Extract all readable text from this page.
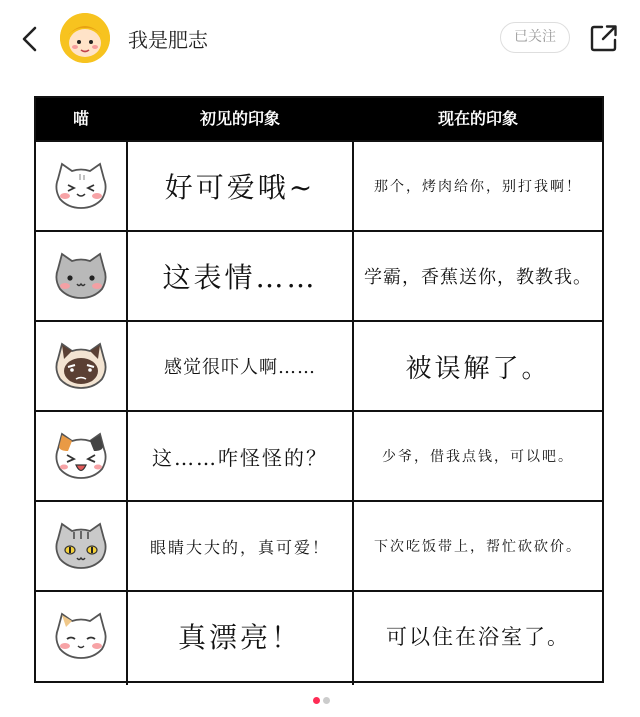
我是肥志	已关注
喵	初见的印象	现在的印象
好可爱哦~	那个，烤肉给你，别打我啊！
这表情……	学霸，香蕉送你，教教我。
感觉很吓人啊……	被误解了。
这……咋怪怪的？	少爷，借我点钱，可以吧。
眼睛大大的，真可爱！	下次吃饭带上，帮忙砍砍价。
真漂亮！	可以住在浴室了。
